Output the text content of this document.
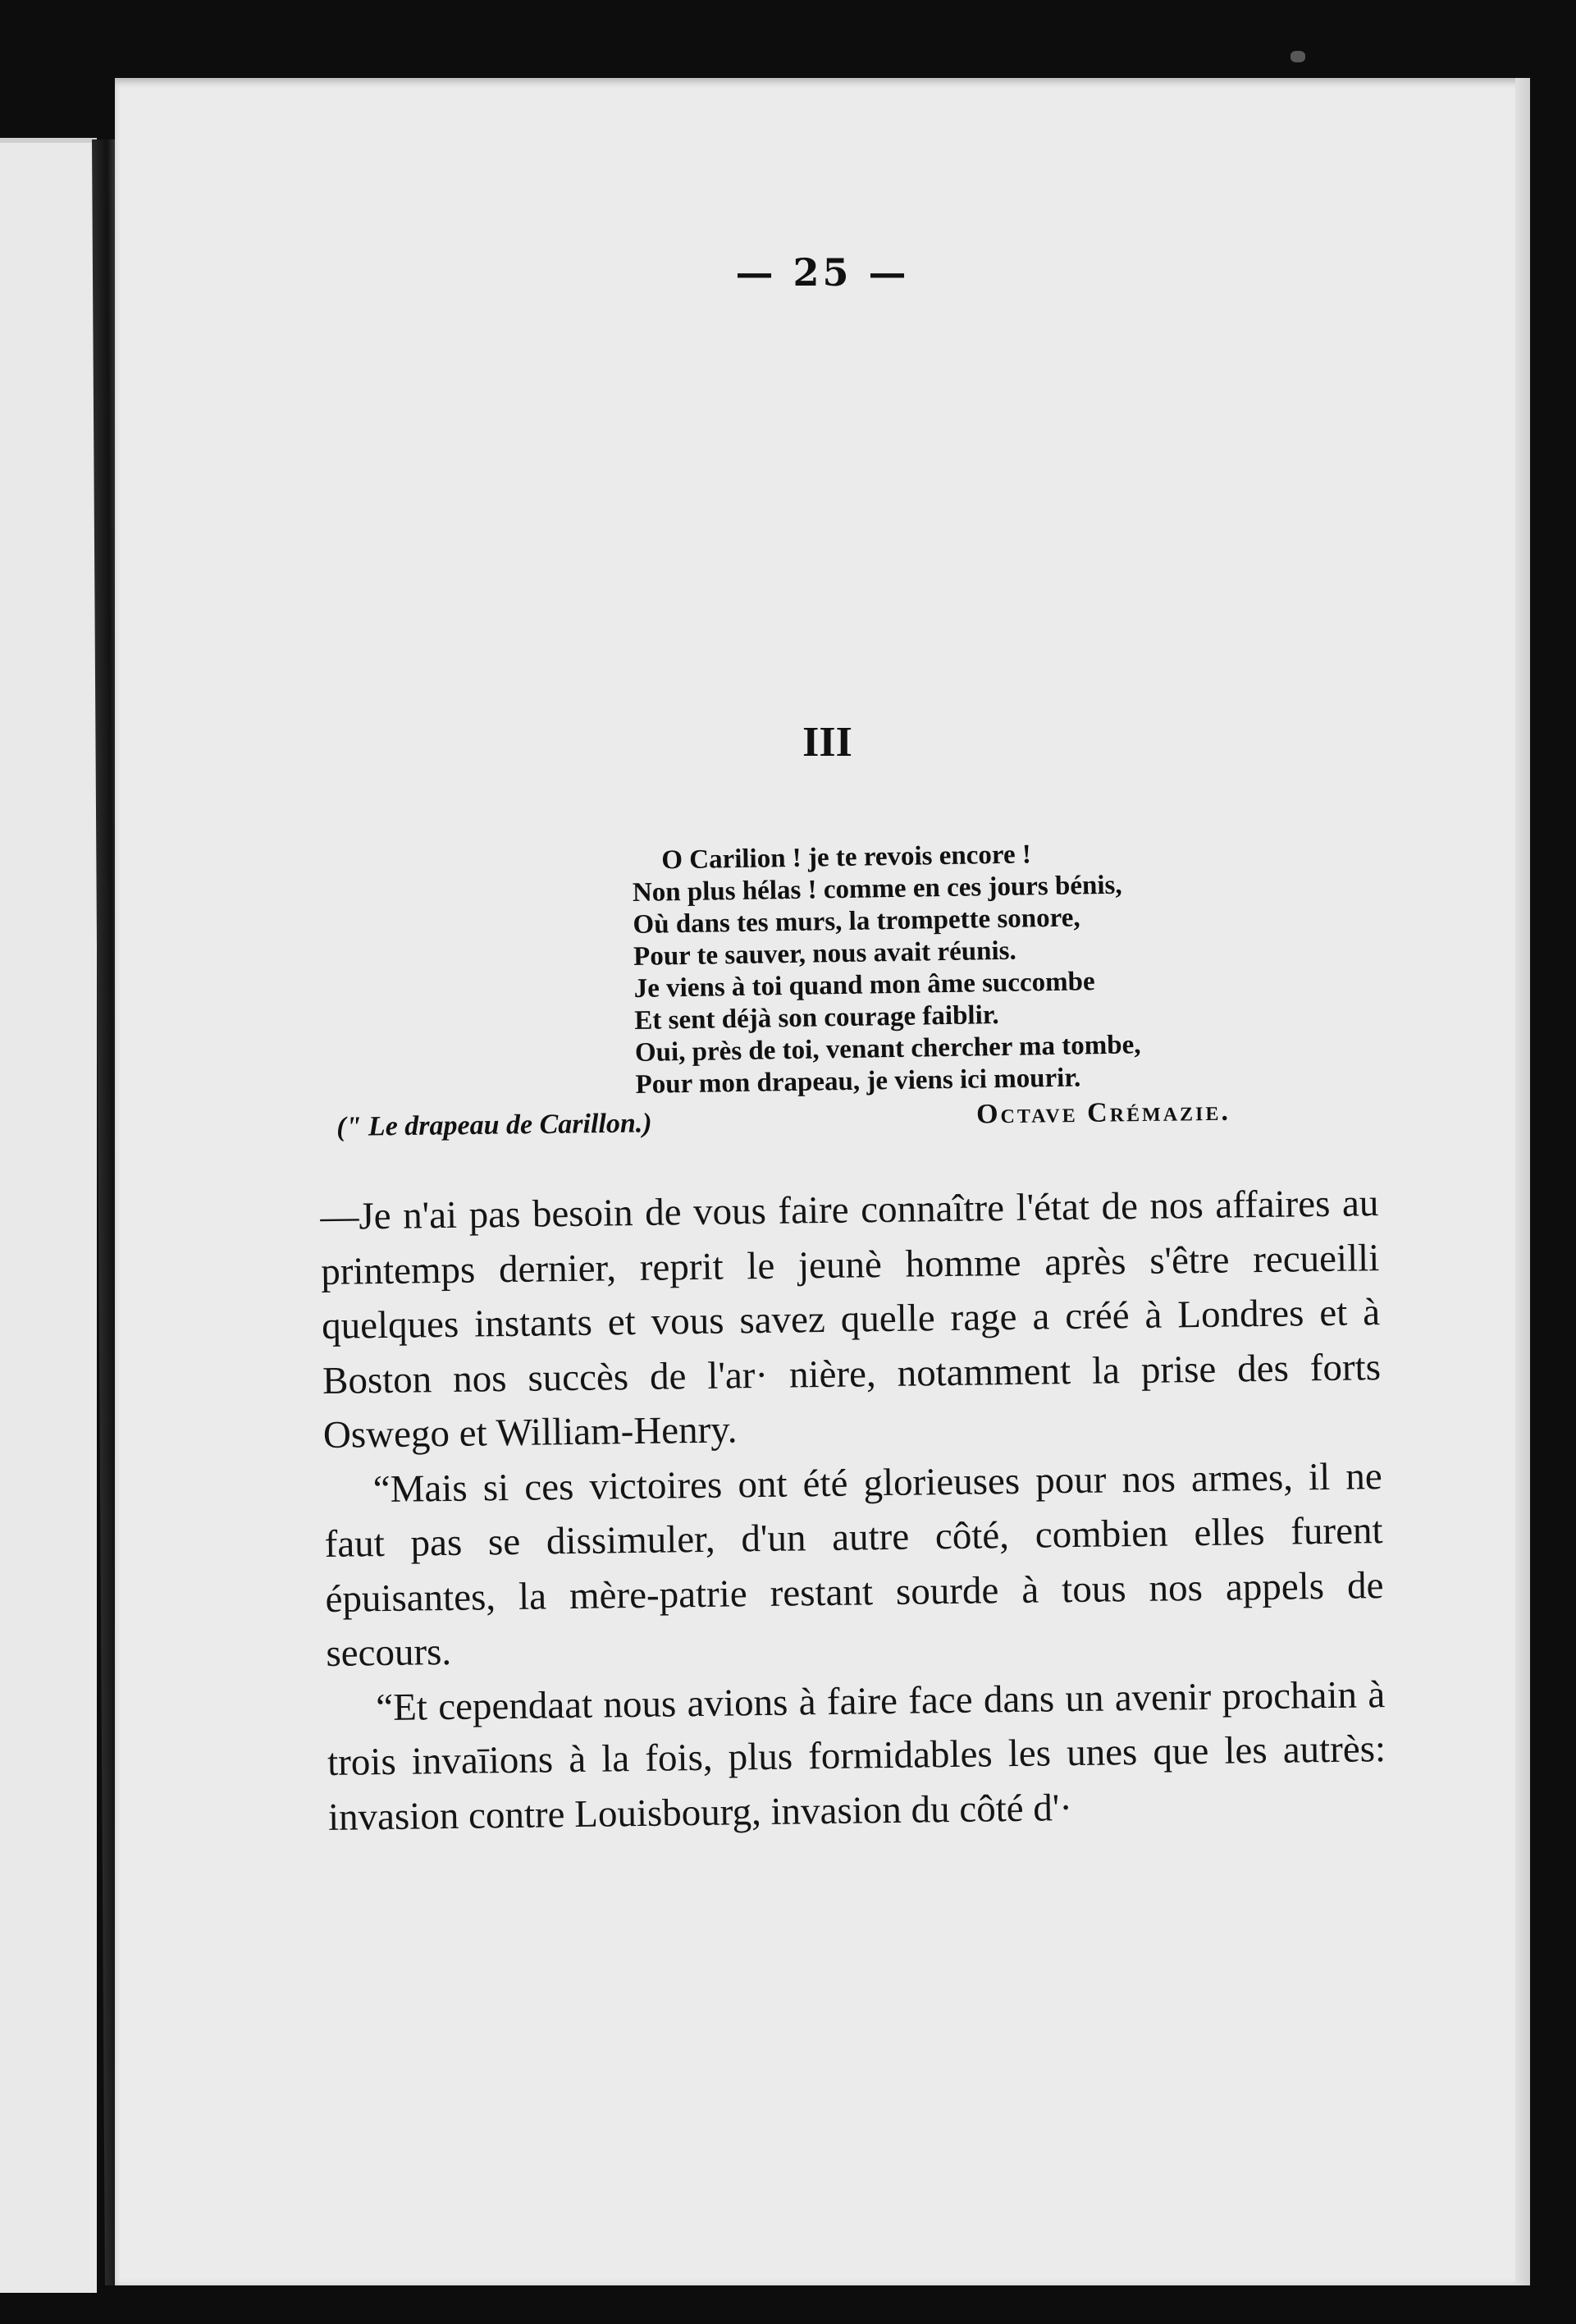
— 25 —
III
O Carilion ! je te revois encore !
Non plus hélas ! comme en ces jours bénis,
Où dans tes murs, la trompette sonore,
Pour te sauver, nous avait réunis.
Je viens à toi quand mon âme succombe
Et sent déjà son courage faiblir.
Oui, près de toi, venant chercher ma tombe,
Pour mon drapeau, je viens ici mourir.
(" Le drapeau de Carillon.)	Octave Crémazie.

—Je n'ai pas besoin de vous faire connaître l'état de nos affaires au printemps dernier, reprit le jeunè homme après s'être recueilli quelques instants et vous savez quelle rage a créé à Londres et à Boston nos succès de l'ar· nière, notamment la prise des forts Oswego et William-Henry.

“Mais si ces victoires ont été glorieuses pour nos armes, il ne faut pas se dissimuler, d'un autre côté, combien elles furent épuisantes, la mère-patrie restant sourde à tous nos appels de secours.

“Et cependaat nous avions à faire face dans un avenir prochain à trois invaīions à la fois, plus formidables les unes que les autrès: invasion contre Louisbourg, invasion du côté d'·
